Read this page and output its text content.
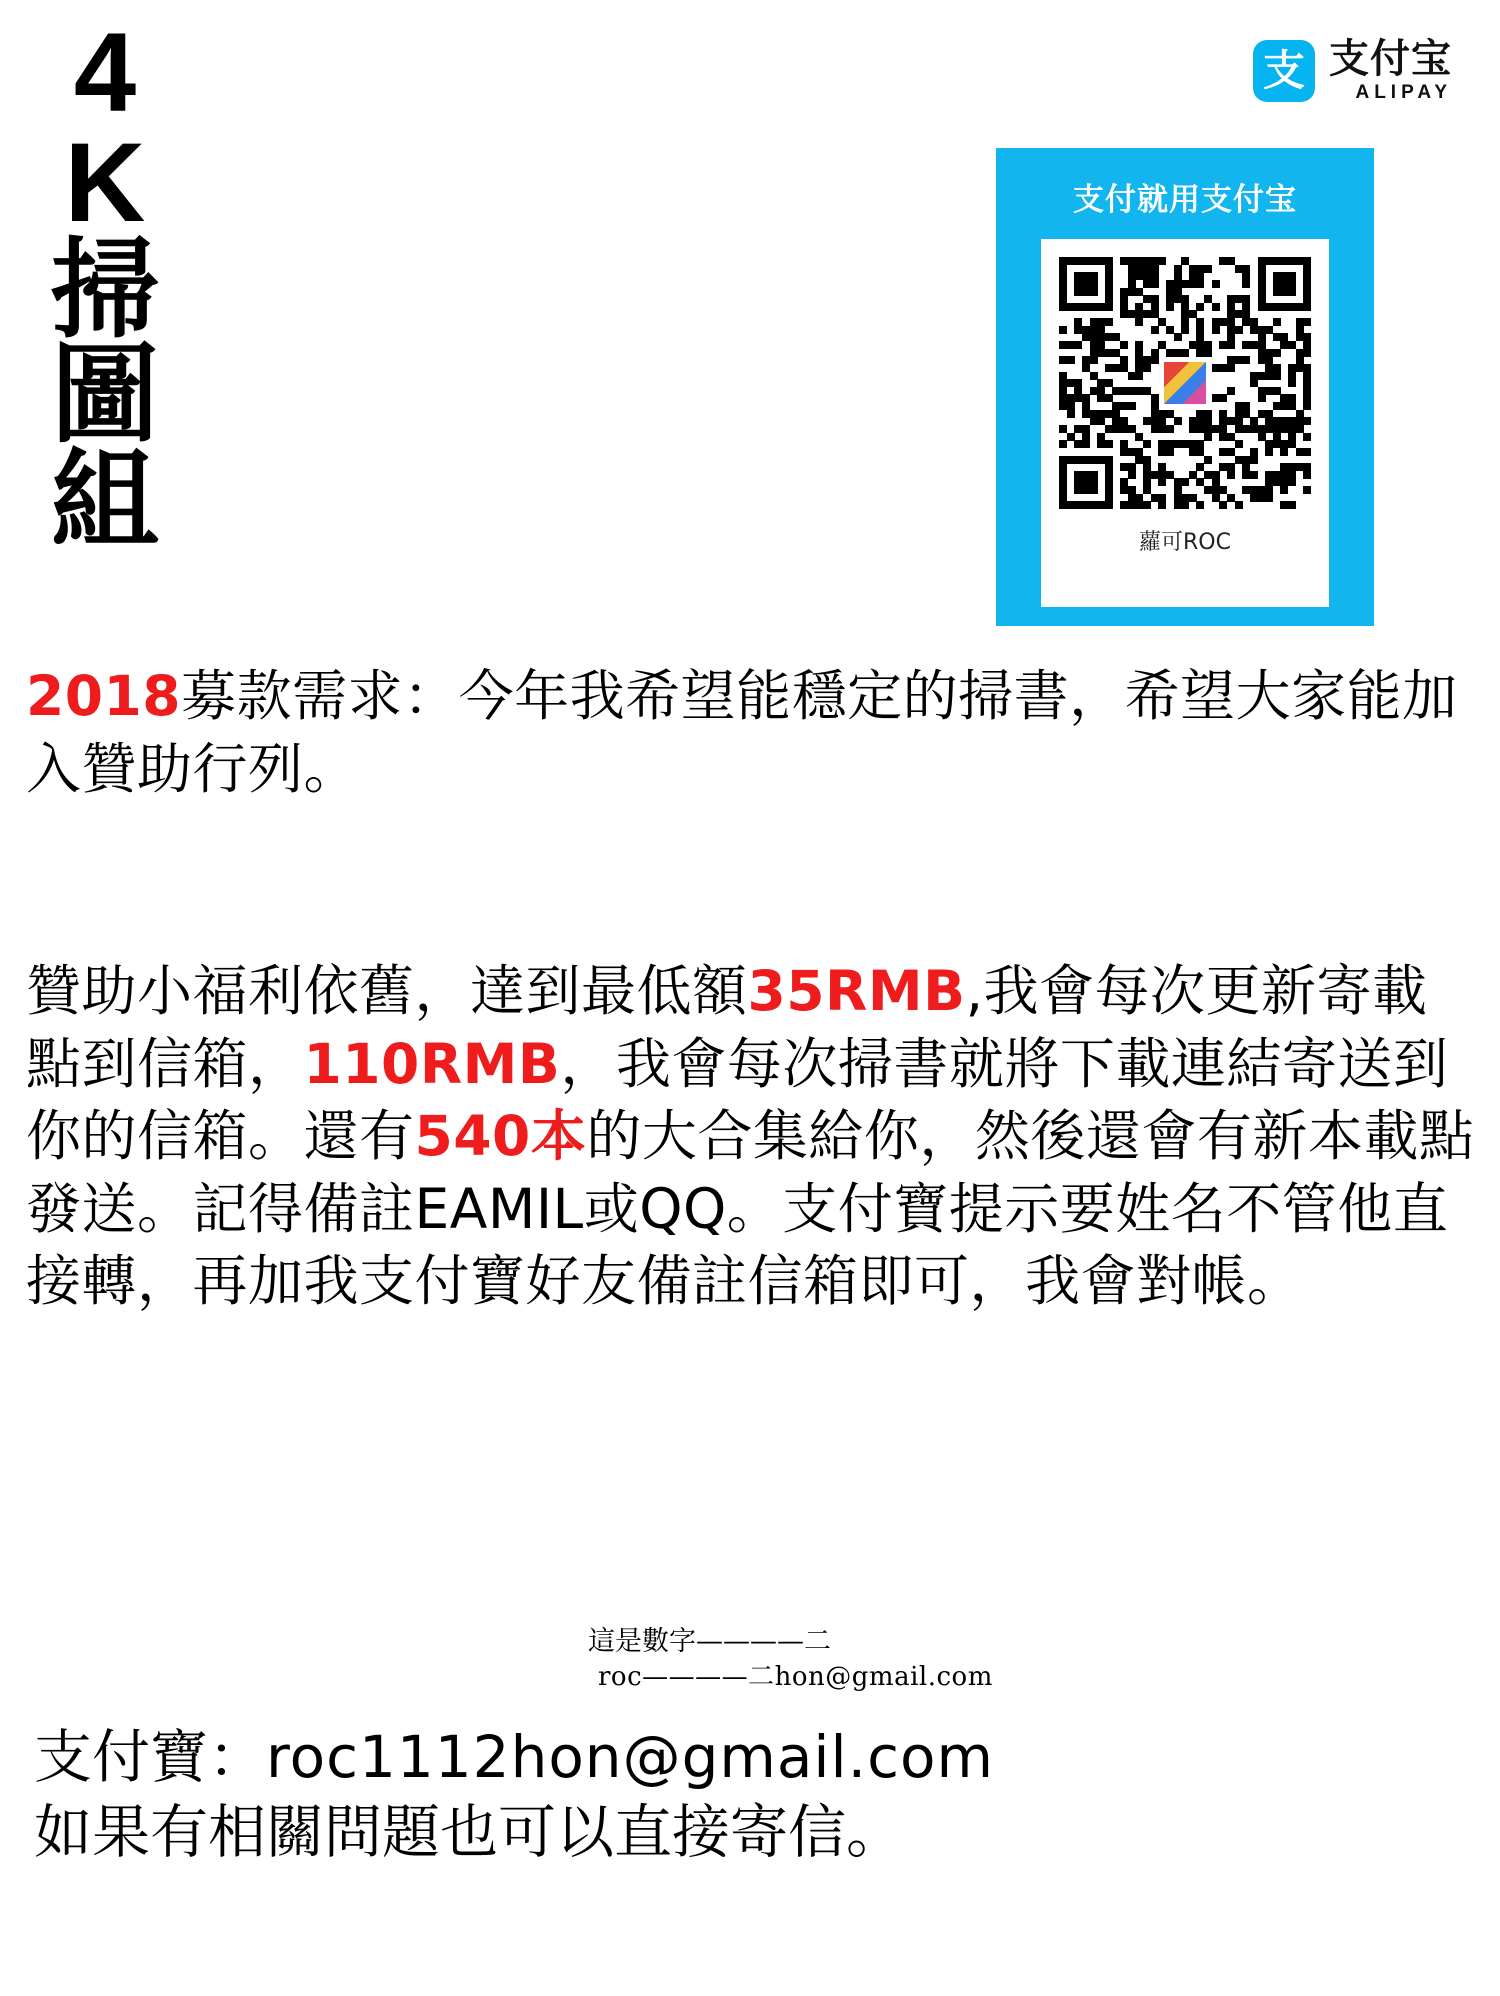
4
K
掃
圖
組
支 支付宝
ALIPAY
支付就用支付宝
蘿可ROC
2018募款需求：今年我希望能穩定的掃書，希望大家能加入贊助行列。
贊助小福利依舊，達到最低額35RMB,我會每次更新寄載點到信箱，110RMB，我會每次掃書就將下載連結寄送到你的信箱。還有540本的大合集給你，然後還會有新本載點發送。記得備註EAMIL或QQ。支付寶提示要姓名不管他直接轉，再加我支付寶好友備註信箱即可，我會對帳。
這是數字————二
roc————二hon@gmail.com
支付寶：roc1112hon@gmail.com
如果有相關問題也可以直接寄信。
